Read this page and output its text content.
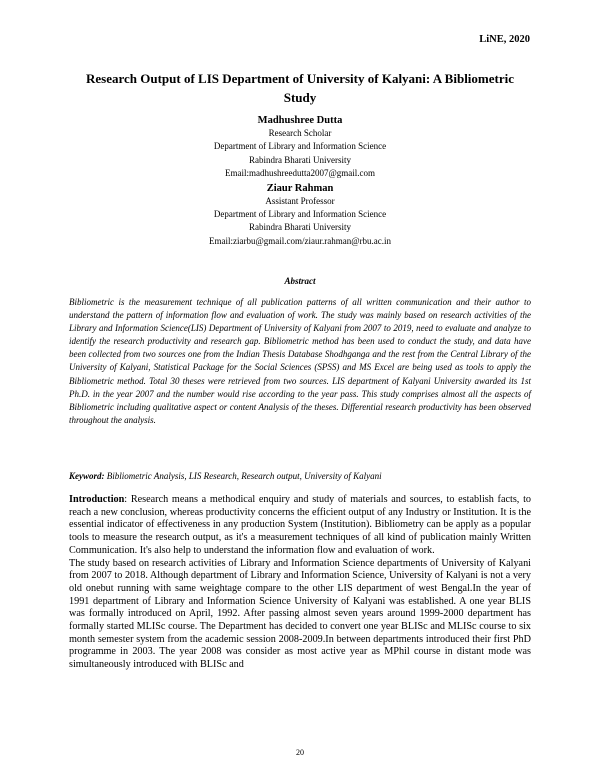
LiNE, 2020
Research Output of LIS Department of University of Kalyani: A Bibliometric Study
Madhushree Dutta
Research Scholar
Department of Library and Information Science
Rabindra Bharati University
Email:madhushreedutta2007@gmail.com
Ziaur Rahman
Assistant Professor
Department of Library and Information Science
Rabindra Bharati University
Email:ziarbu@gmail.com/ziaur.rahman@rbu.ac.in
Abstract
Bibliometric is the measurement technique of all publication patterns of all written communication and their author to understand the pattern of information flow and evaluation of work. The study was mainly based on research activities of the Library and Information Science(LIS) Department of University of Kalyani from 2007 to 2019, need to evaluate and analyze to identify the research productivity and research gap. Bibliometric method has been used to conduct the study, and data have been collected from two sources one from the Indian Thesis Database Shodhganga and the rest from the Central Library of the University of Kalyani, Statistical Package for the Social Sciences (SPSS) and MS Excel are being used as tools to apply the Bibliometric method. Total 30 theses were retrieved from two sources. LIS department of Kalyani University awarded its 1st Ph.D. in the year 2007 and the number would rise according to the year pass. This study comprises almost all the aspects of Bibliometric including qualitative aspect or content Analysis of the theses. Differential research productivity has been observed throughout the analysis.
Keyword: Bibliometric Analysis, LIS Research, Research output, University of Kalyani

Introduction: Research means a methodical enquiry and study of materials and sources, to establish facts, to reach a new conclusion, whereas productivity concerns the efficient output of any Industry or Institution. It is the essential indicator of effectiveness in any production System (Institution). Bibliometry can be apply as a popular tools to measure the research output, as it's a measurement techniques of all kind of publication mainly Written Communication. It's also help to understand the information flow and evaluation of work.

The study based on research activities of Library and Information Science departments of University of Kalyani from 2007 to 2018. Although department of Library and Information Science, University of Kalyani is not a very old onebut running with same weightage compare to the other LIS department of west Bengal.In the year of 1991 department of Library and Information Science University of Kalyani was established. A one year BLIS was formally introduced on April, 1992. After passing almost seven years around 1999-2000 department has formally started MLISc course. The Department has decided to convert one year BLISc and MLISc course to six month semester system from the academic session 2008-2009.In between departments introduced their first PhD programme in 2003. The year 2008 was consider as most active year as MPhil course in distant mode was simultaneously introduced with BLISc and

20
